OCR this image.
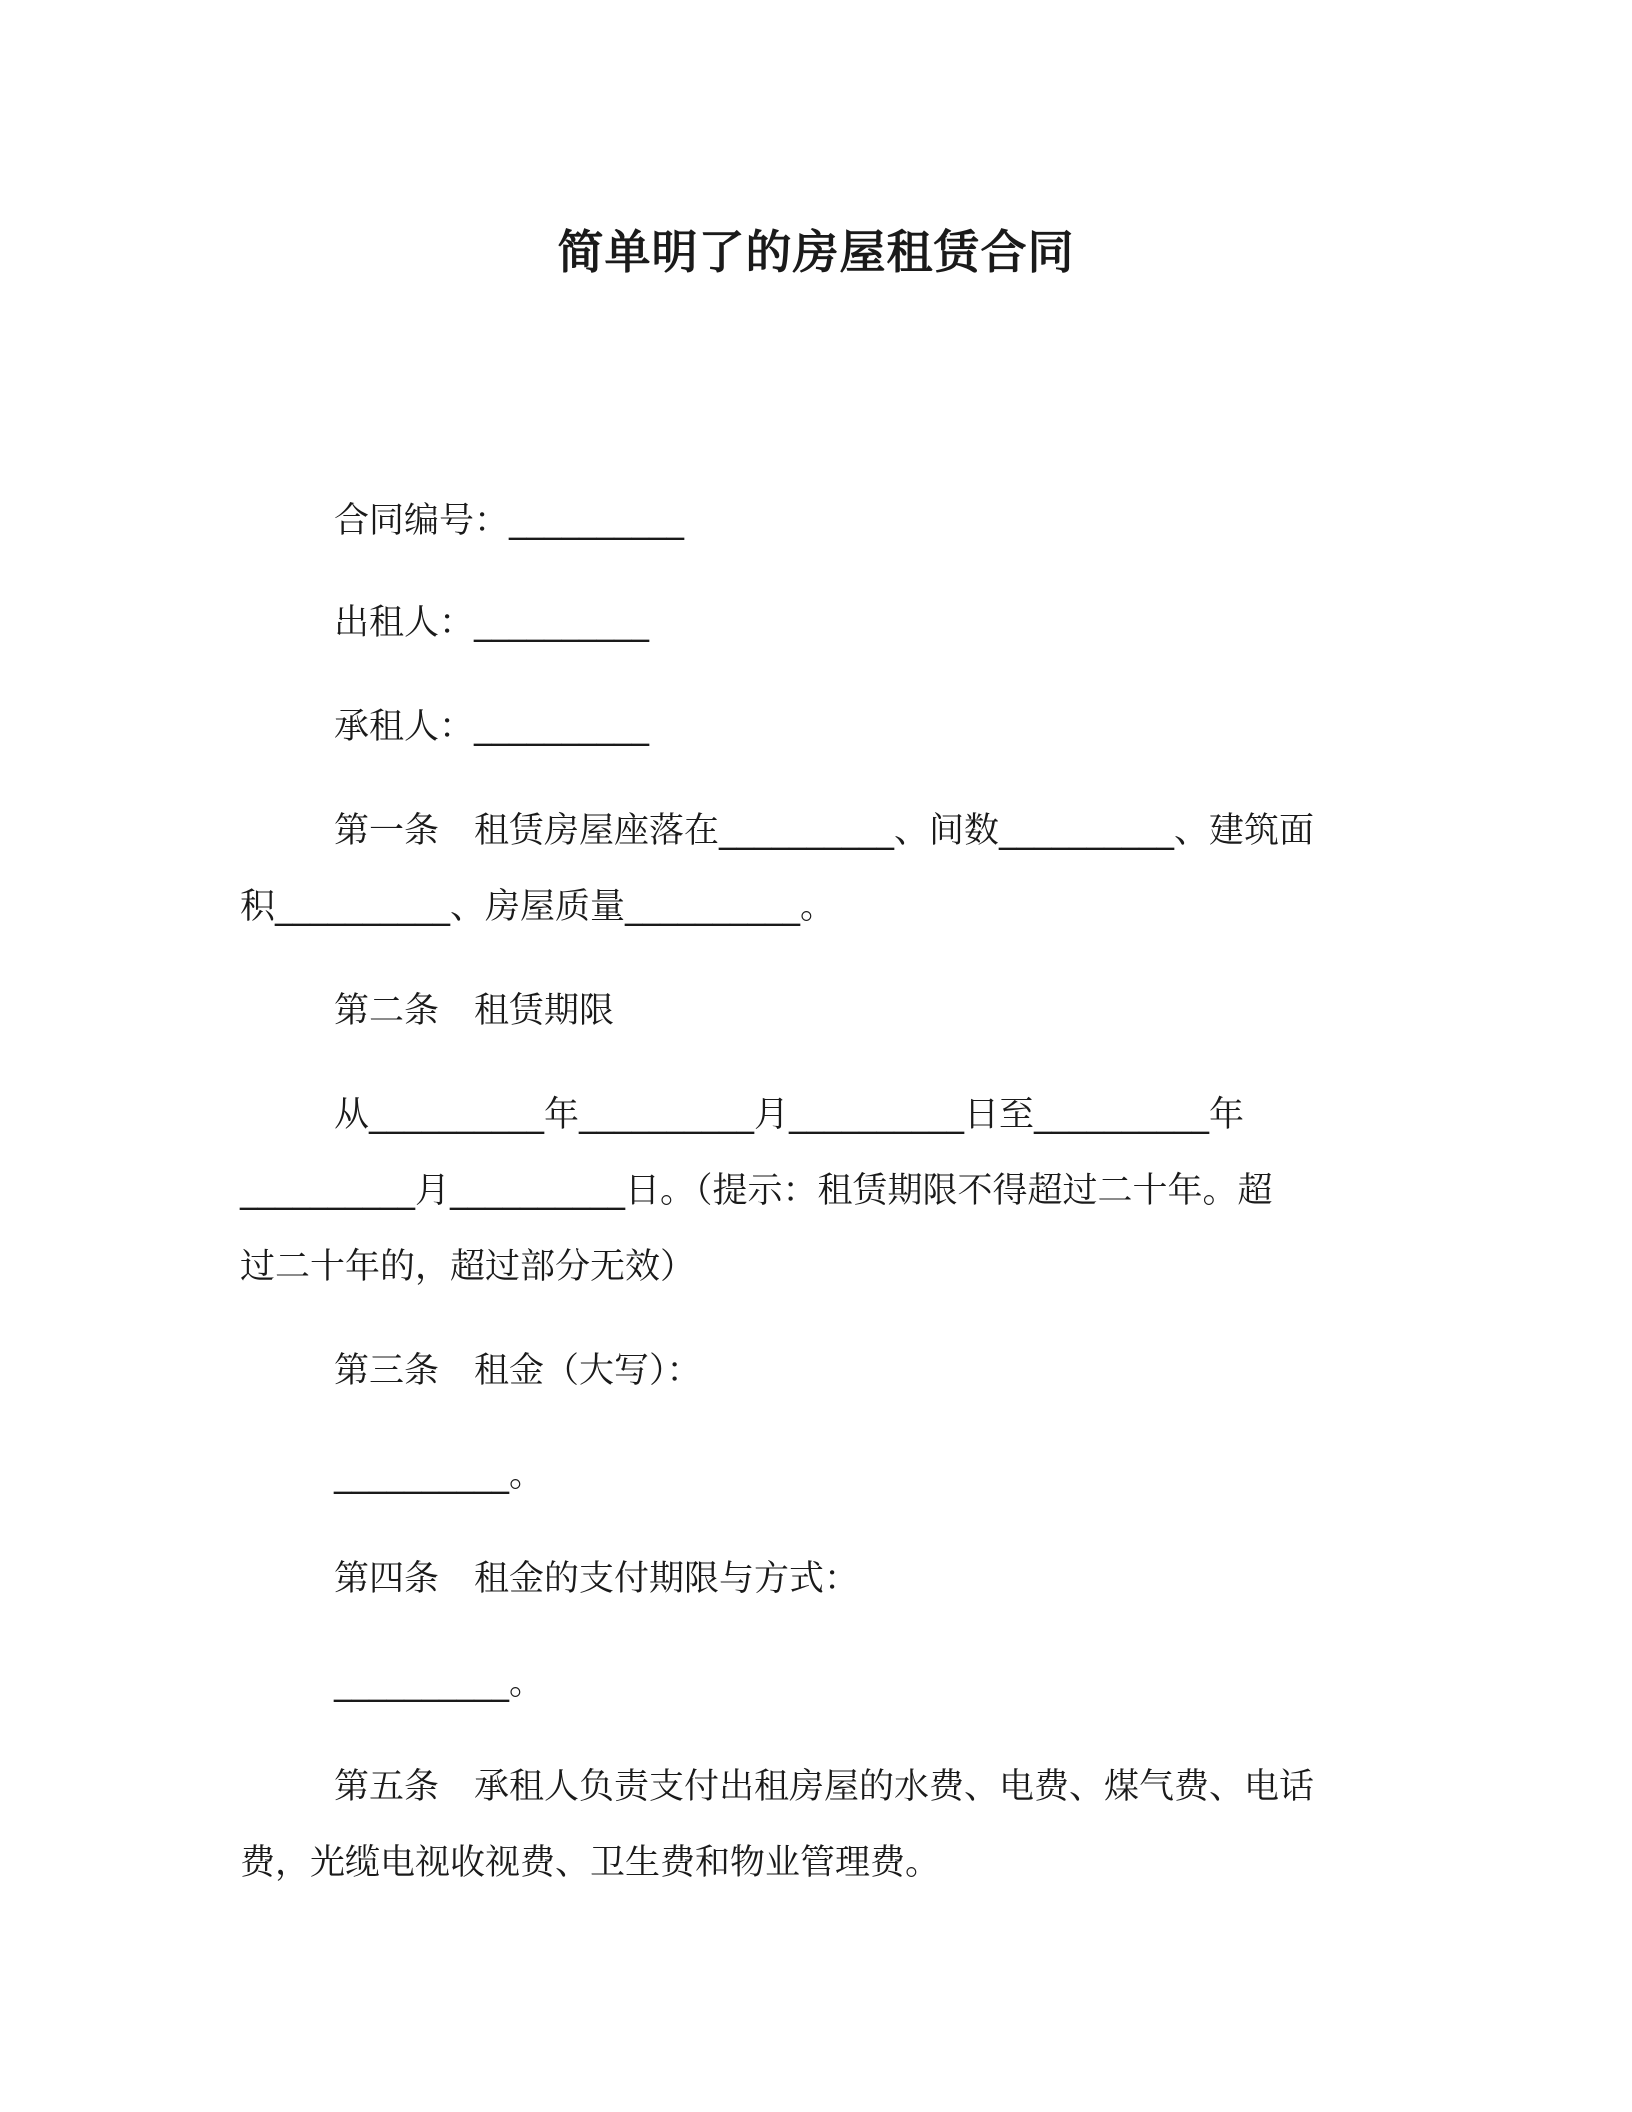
简单明了的房屋租赁合同
合同编号：__________
出租人：__________
承租人：__________
第一条　租赁房屋座落在__________、间数__________、建筑面
积__________、房屋质量__________。
第二条　租赁期限
从__________年__________月__________日至__________年
__________月__________日。（提示：租赁期限不得超过二十年。超
过二十年的，超过部分无效）
第三条　租金（大写）：
__________。
第四条　租金的支付期限与方式：
__________。
第五条　承租人负责支付出租房屋的水费、电费、煤气费、电话
费，光缆电视收视费、卫生费和物业管理费。
